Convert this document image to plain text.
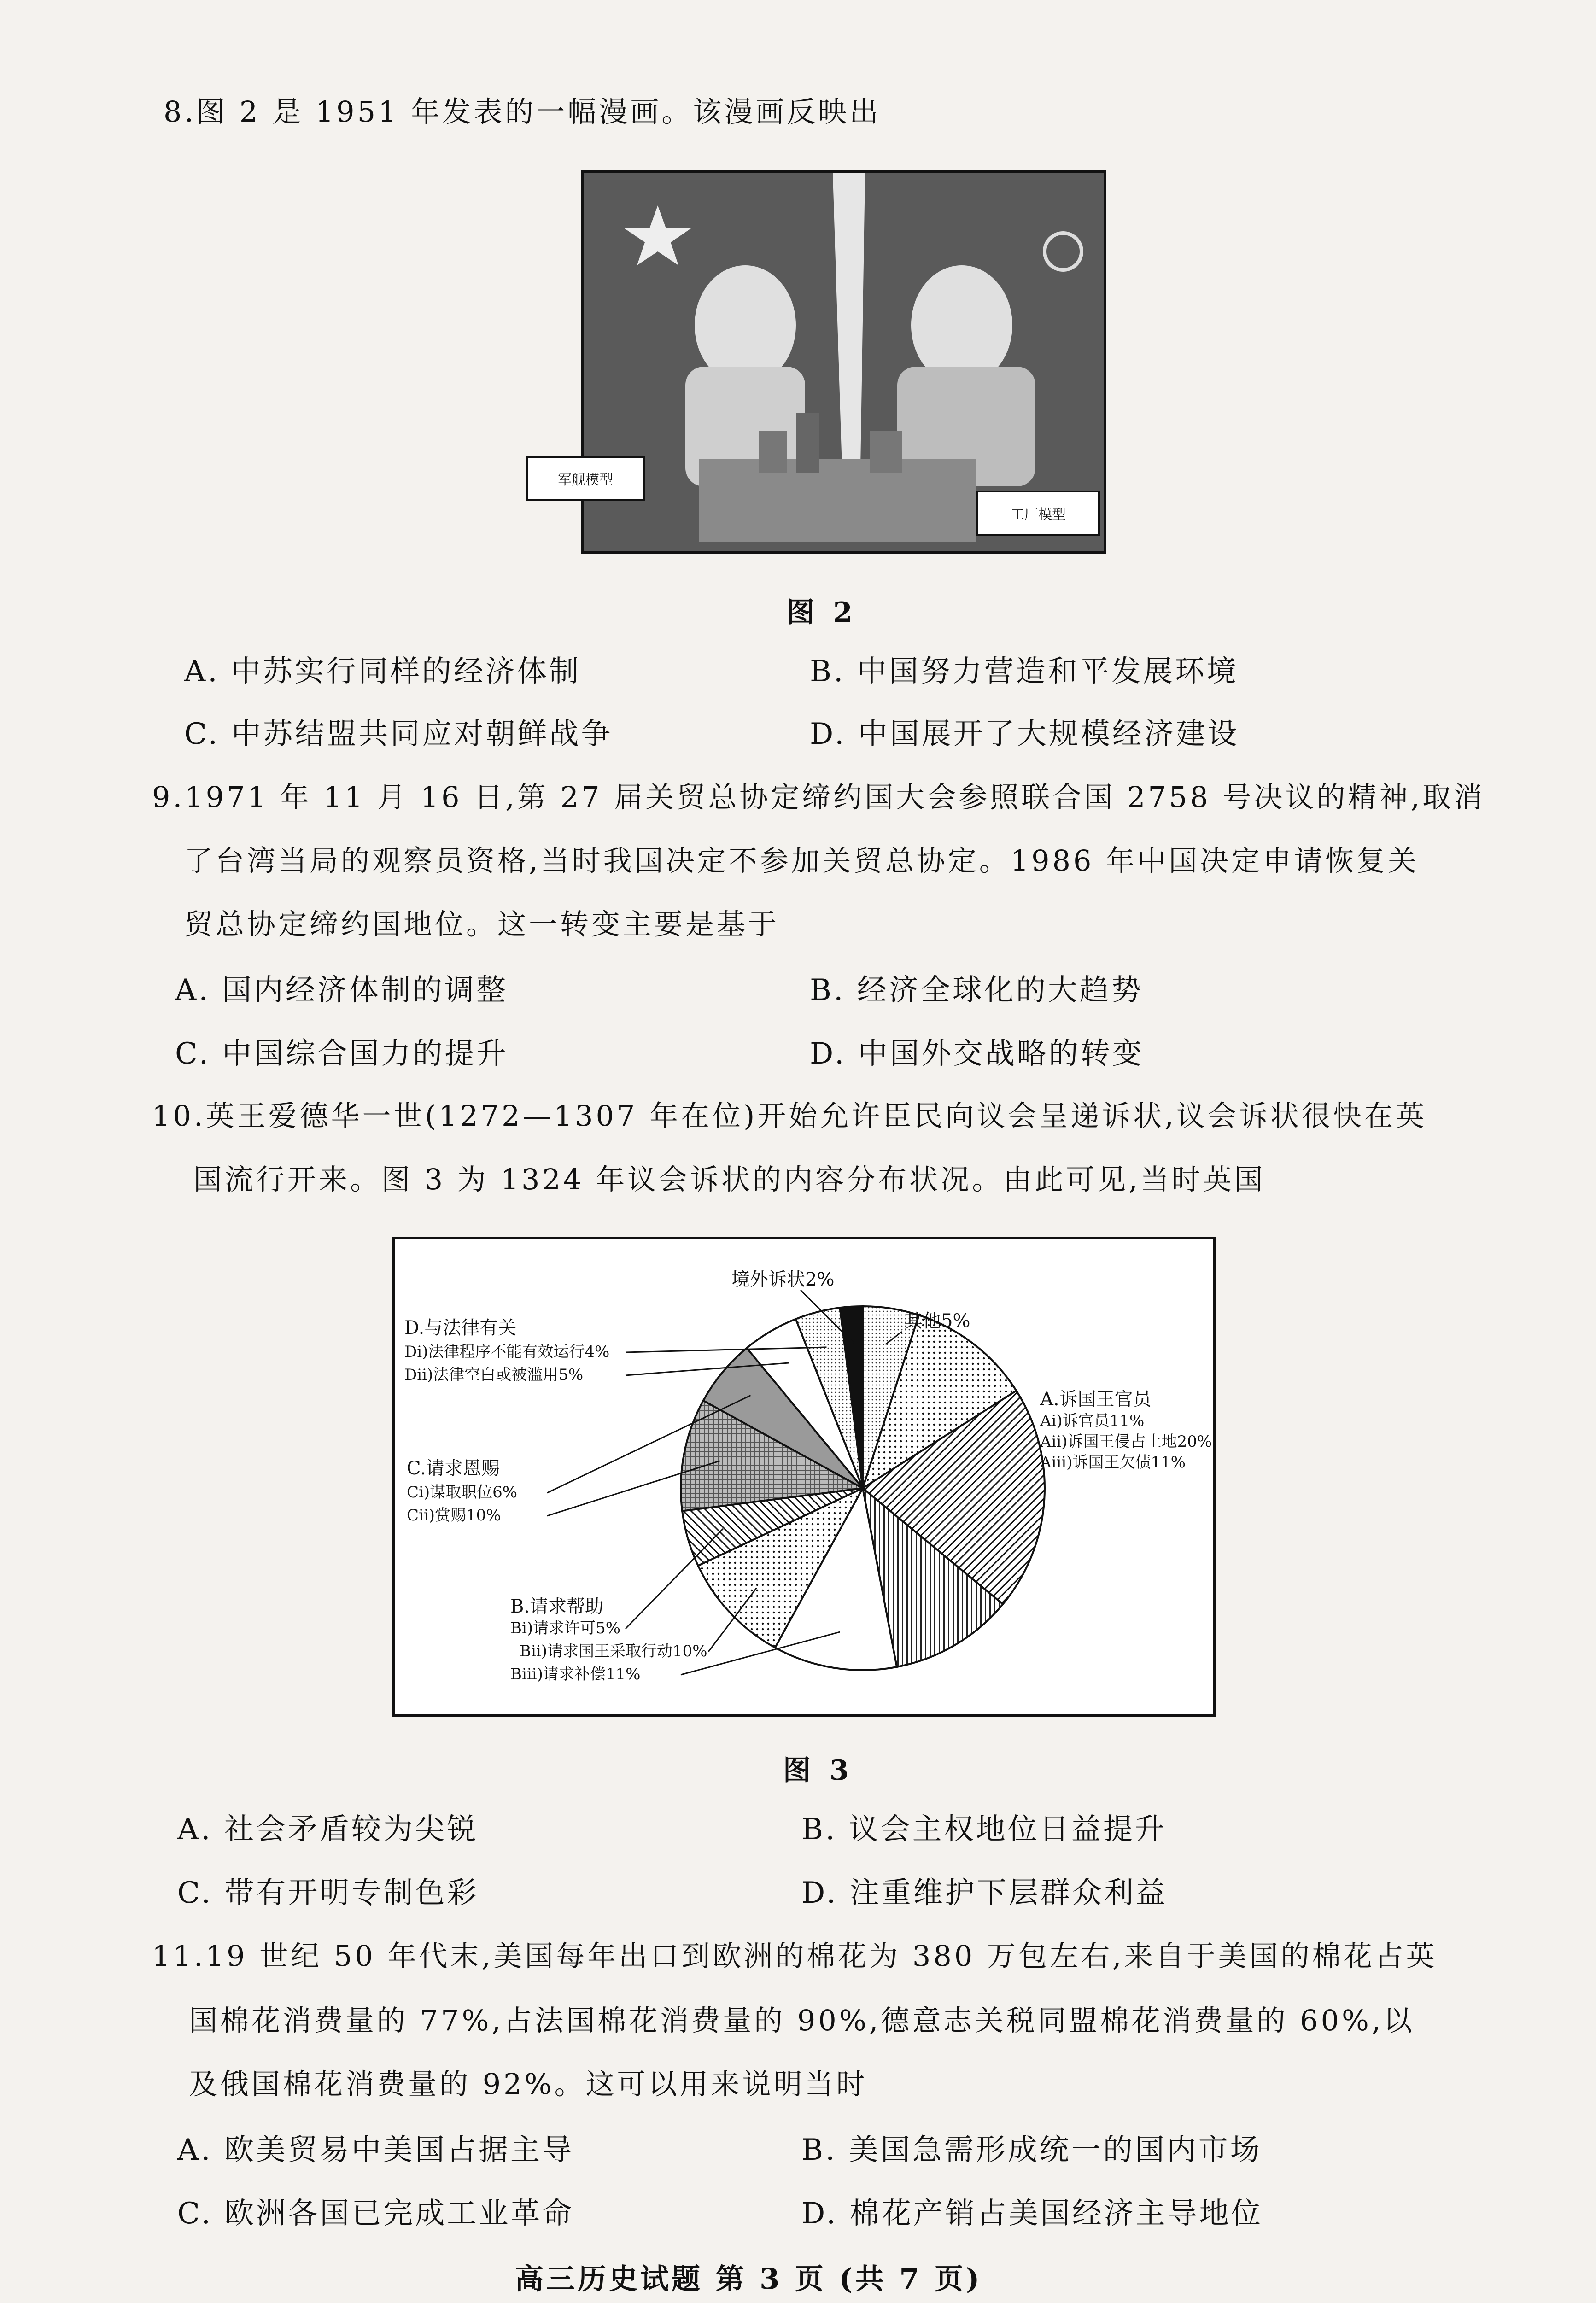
8.图 2 是 1951 年发表的一幅漫画。该漫画反映出
军舰模型
工厂模型
图 2
A. 中苏实行同样的经济体制	B. 中国努力营造和平发展环境
C. 中苏结盟共同应对朝鲜战争	D. 中国展开了大规模经济建设
9.1971 年 11 月 16 日,第 27 届关贸总协定缔约国大会参照联合国 2758 号决议的精神,取消
了台湾当局的观察员资格,当时我国决定不参加关贸总协定。1986 年中国决定申请恢复关
贸总协定缔约国地位。这一转变主要是基于
A. 国内经济体制的调整	B. 经济全球化的大趋势
C. 中国综合国力的提升	D. 中国外交战略的转变
10.英王爱德华一世(1272—1307 年在位)开始允许臣民向议会呈递诉状,议会诉状很快在英
国流行开来。图 3 为 1324 年议会诉状的内容分布状况。由此可见,当时英国
境外诉状2%
其他5%
D.与法律有关
Di)法律程序不能有效运行4%
Dii)法律空白或被滥用5%
A.诉国王官员
Ai)诉官员11%
Aii)诉国王侵占土地20%
Aiii)诉国王欠债11%
C.请求恩赐
Ci)谋取职位6%
Cii)赏赐10%
B.请求帮助
Bi)请求许可5%
Bii)请求国王采取行动10%
Biii)请求补偿11%
图 3
A. 社会矛盾较为尖锐	B. 议会主权地位日益提升
C. 带有开明专制色彩	D. 注重维护下层群众利益
11.19 世纪 50 年代末,美国每年出口到欧洲的棉花为 380 万包左右,来自于美国的棉花占英
国棉花消费量的 77%,占法国棉花消费量的 90%,德意志关税同盟棉花消费量的 60%,以
及俄国棉花消费量的 92%。这可以用来说明当时
A. 欧美贸易中美国占据主导	B. 美国急需形成统一的国内市场
C. 欧洲各国已完成工业革命	D. 棉花产销占美国经济主导地位
高三历史试题 第 3 页 (共 7 页)
